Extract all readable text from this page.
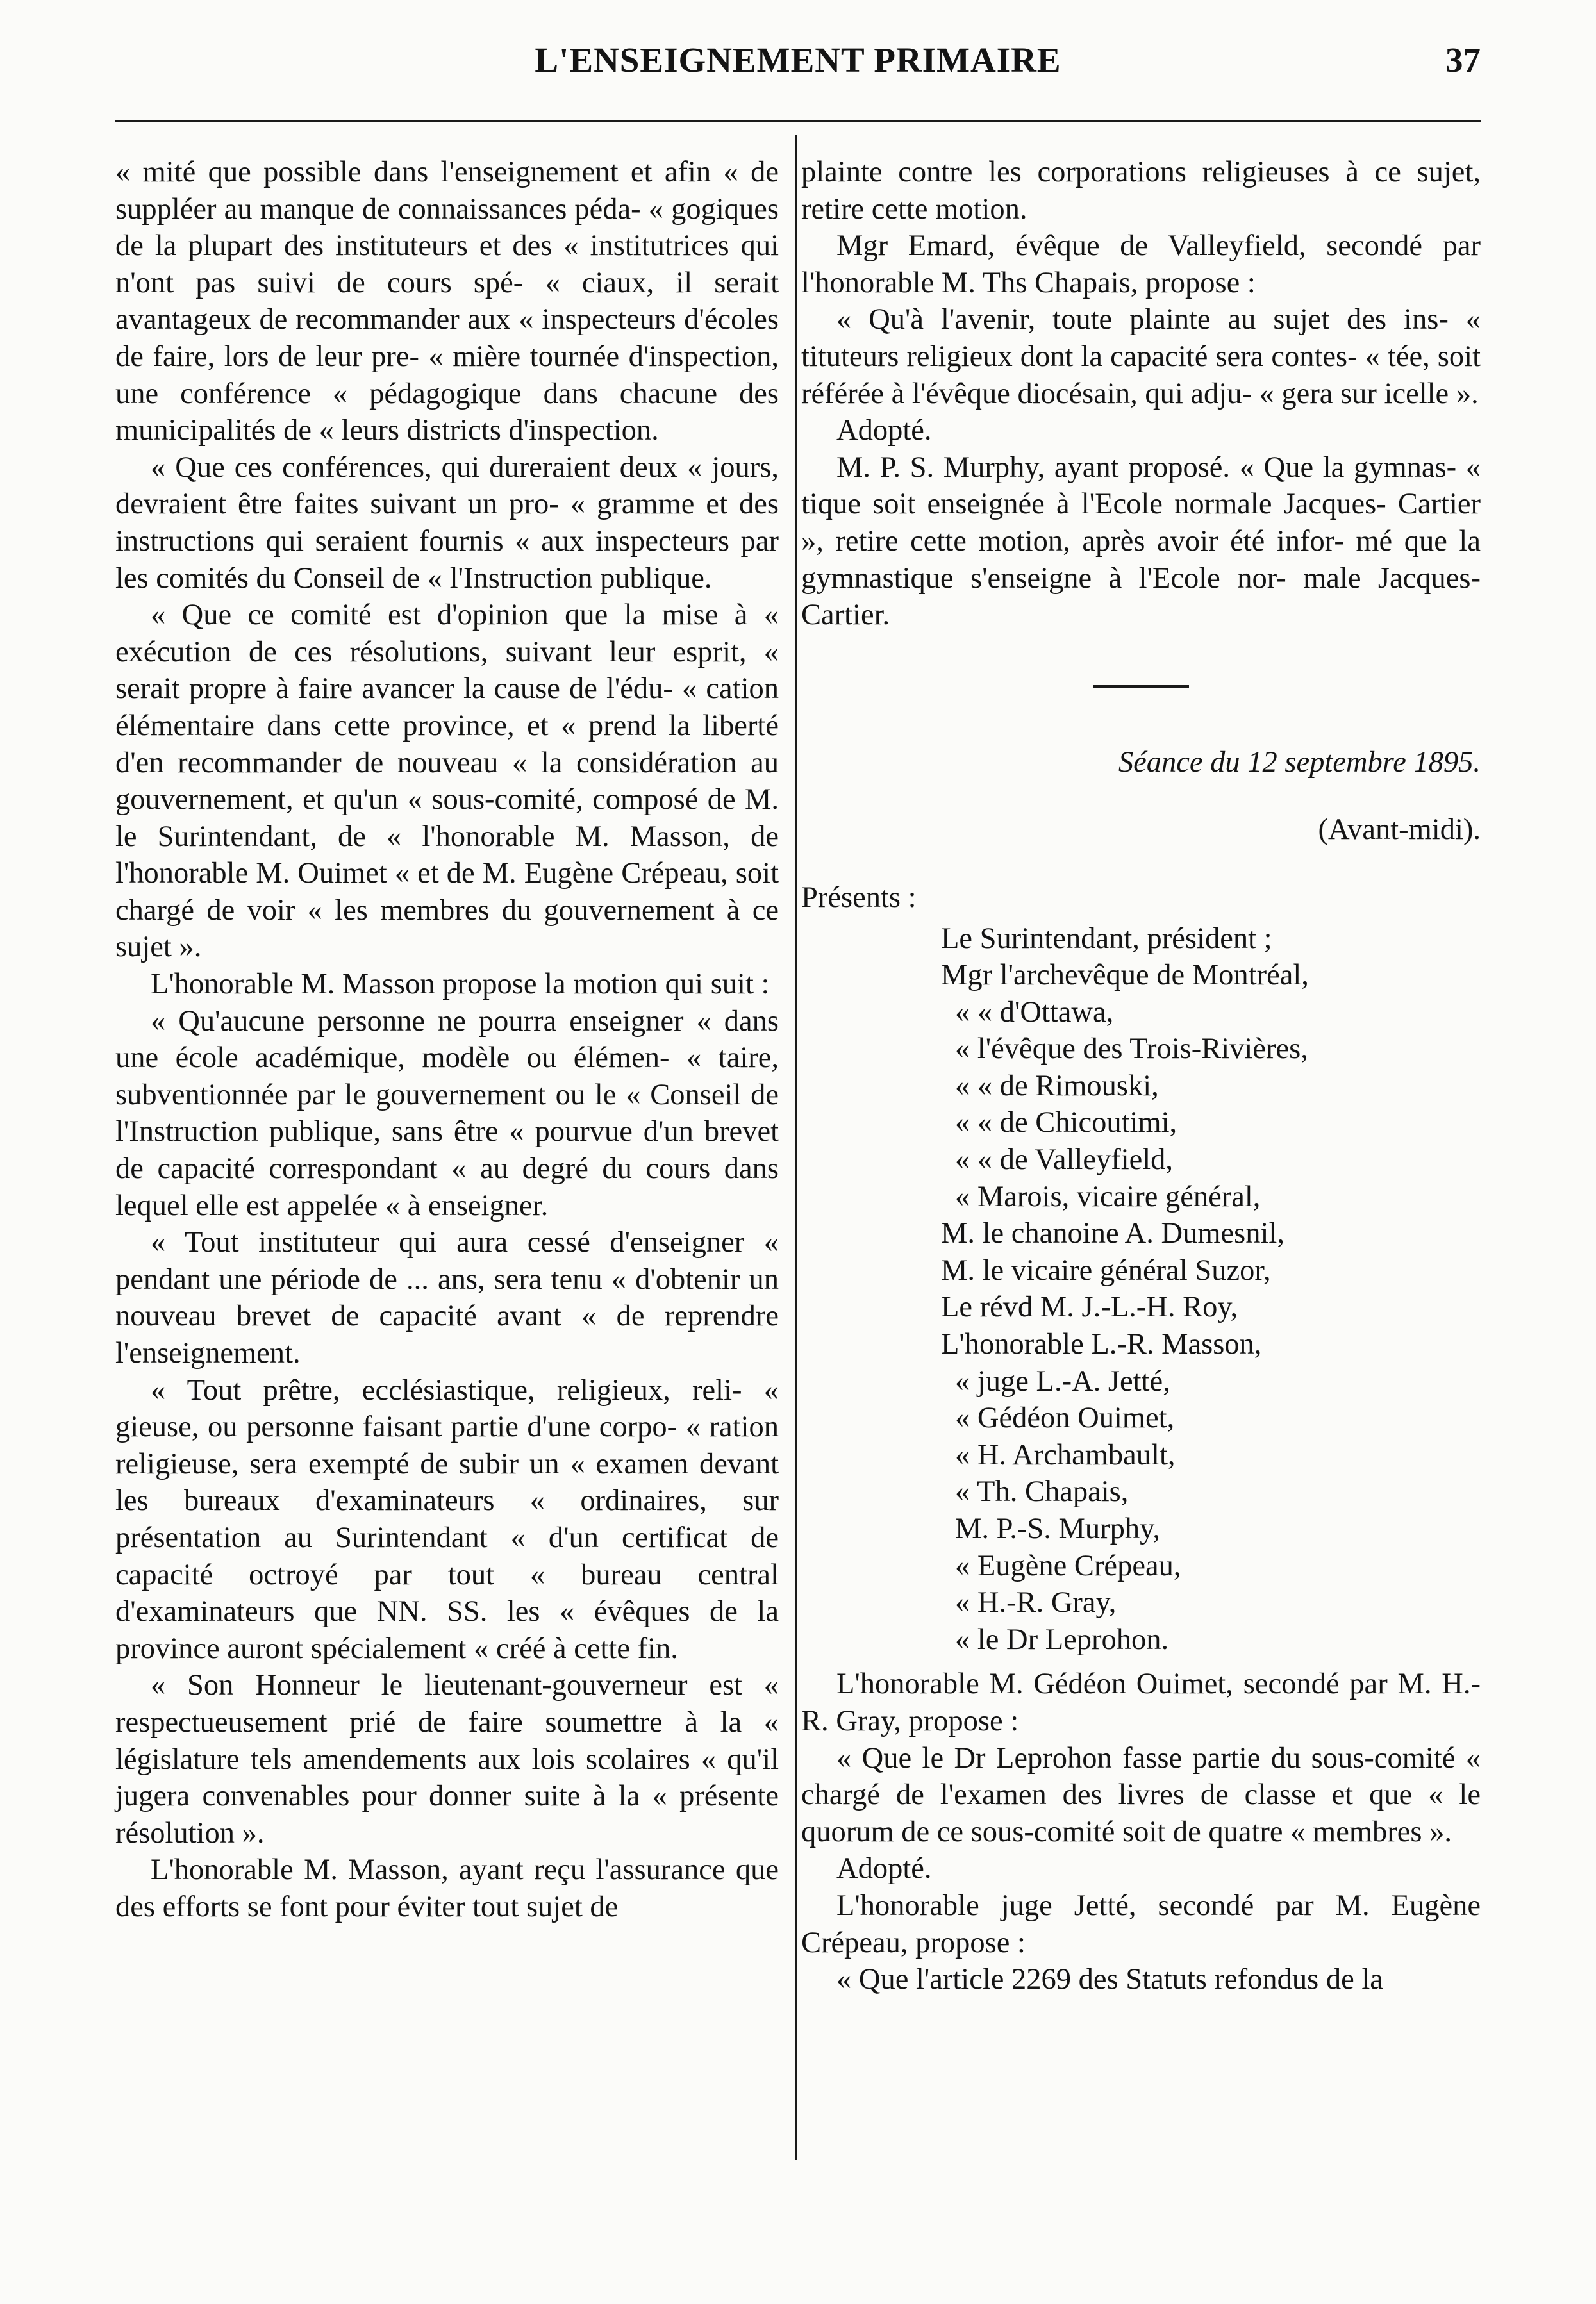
L'ENSEIGNEMENT PRIMAIRE	37

« mité que possible dans l'enseignement et afin « de suppléer au manque de connaissances péda- « gogiques de la plupart des instituteurs et des « institutrices qui n'ont pas suivi de cours spé- « ciaux, il serait avantageux de recommander aux « inspecteurs d'écoles de faire, lors de leur pre- « mière tournée d'inspection, une conférence « pédagogique dans chacune des municipalités de « leurs districts d'inspection.

« Que ces conférences, qui dureraient deux « jours, devraient être faites suivant un pro- « gramme et des instructions qui seraient fournis « aux inspecteurs par les comités du Conseil de « l'Instruction publique.

« Que ce comité est d'opinion que la mise à « exécution de ces résolutions, suivant leur esprit, « serait propre à faire avancer la cause de l'édu- « cation élémentaire dans cette province, et « prend la liberté d'en recommander de nouveau « la considération au gouvernement, et qu'un « sous-comité, composé de M. le Surintendant, de « l'honorable M. Masson, de l'honorable M. Ouimet « et de M. Eugène Crépeau, soit chargé de voir « les membres du gouvernement à ce sujet ».

L'honorable M. Masson propose la motion qui suit :

« Qu'aucune personne ne pourra enseigner « dans une école académique, modèle ou élémen- « taire, subventionnée par le gouvernement ou le « Conseil de l'Instruction publique, sans être « pourvue d'un brevet de capacité correspondant « au degré du cours dans lequel elle est appelée « à enseigner.

« Tout instituteur qui aura cessé d'enseigner « pendant une période de ... ans, sera tenu « d'obtenir un nouveau brevet de capacité avant « de reprendre l'enseignement.

« Tout prêtre, ecclésiastique, religieux, reli- « gieuse, ou personne faisant partie d'une corpo- « ration religieuse, sera exempté de subir un « examen devant les bureaux d'examinateurs « ordinaires, sur présentation au Surintendant « d'un certificat de capacité octroyé par tout « bureau central d'examinateurs que NN. SS. les « évêques de la province auront spécialement « créé à cette fin.

« Son Honneur le lieutenant-gouverneur est « respectueusement prié de faire soumettre à la « législature tels amendements aux lois scolaires « qu'il jugera convenables pour donner suite à la « présente résolution ».

L'honorable M. Masson, ayant reçu l'assurance que des efforts se font pour éviter tout sujet de

plainte contre les corporations religieuses à ce sujet, retire cette motion.

Mgr Emard, évêque de Valleyfield, secondé par l'honorable M. Ths Chapais, propose :

« Qu'à l'avenir, toute plainte au sujet des ins- « tituteurs religieux dont la capacité sera contes- « tée, soit référée à l'évêque diocésain, qui adju- « gera sur icelle ».

Adopté.

M. P. S. Murphy, ayant proposé. « Que la gymnas- « tique soit enseignée à l'Ecole normale Jacques- Cartier », retire cette motion, après avoir été infor- mé que la gymnastique s'enseigne à l'Ecole nor- male Jacques-Cartier.

Séance du 12 septembre 1895.

(Avant-midi).

Présents :

Le Surintendant, président ;
Mgr l'archevêque de Montréal,
« « d'Ottawa,
« l'évêque des Trois-Rivières,
« « de Rimouski,
« « de Chicoutimi,
« « de Valleyfield,
« Marois, vicaire général,
M. le chanoine A. Dumesnil,
M. le vicaire général Suzor,
Le révd M. J.-L.-H. Roy,
L'honorable L.-R. Masson,
« juge L.-A. Jetté,
« Gédéon Ouimet,
« H. Archambault,
« Th. Chapais,
M. P.-S. Murphy,
« Eugène Crépeau,
« H.-R. Gray,
« le Dr Leprohon.

L'honorable M. Gédéon Ouimet, secondé par M. H.-R. Gray, propose :

« Que le Dr Leprohon fasse partie du sous-comité « chargé de l'examen des livres de classe et que « le quorum de ce sous-comité soit de quatre « membres ».

Adopté.

L'honorable juge Jetté, secondé par M. Eugène Crépeau, propose :

« Que l'article 2269 des Statuts refondus de la
